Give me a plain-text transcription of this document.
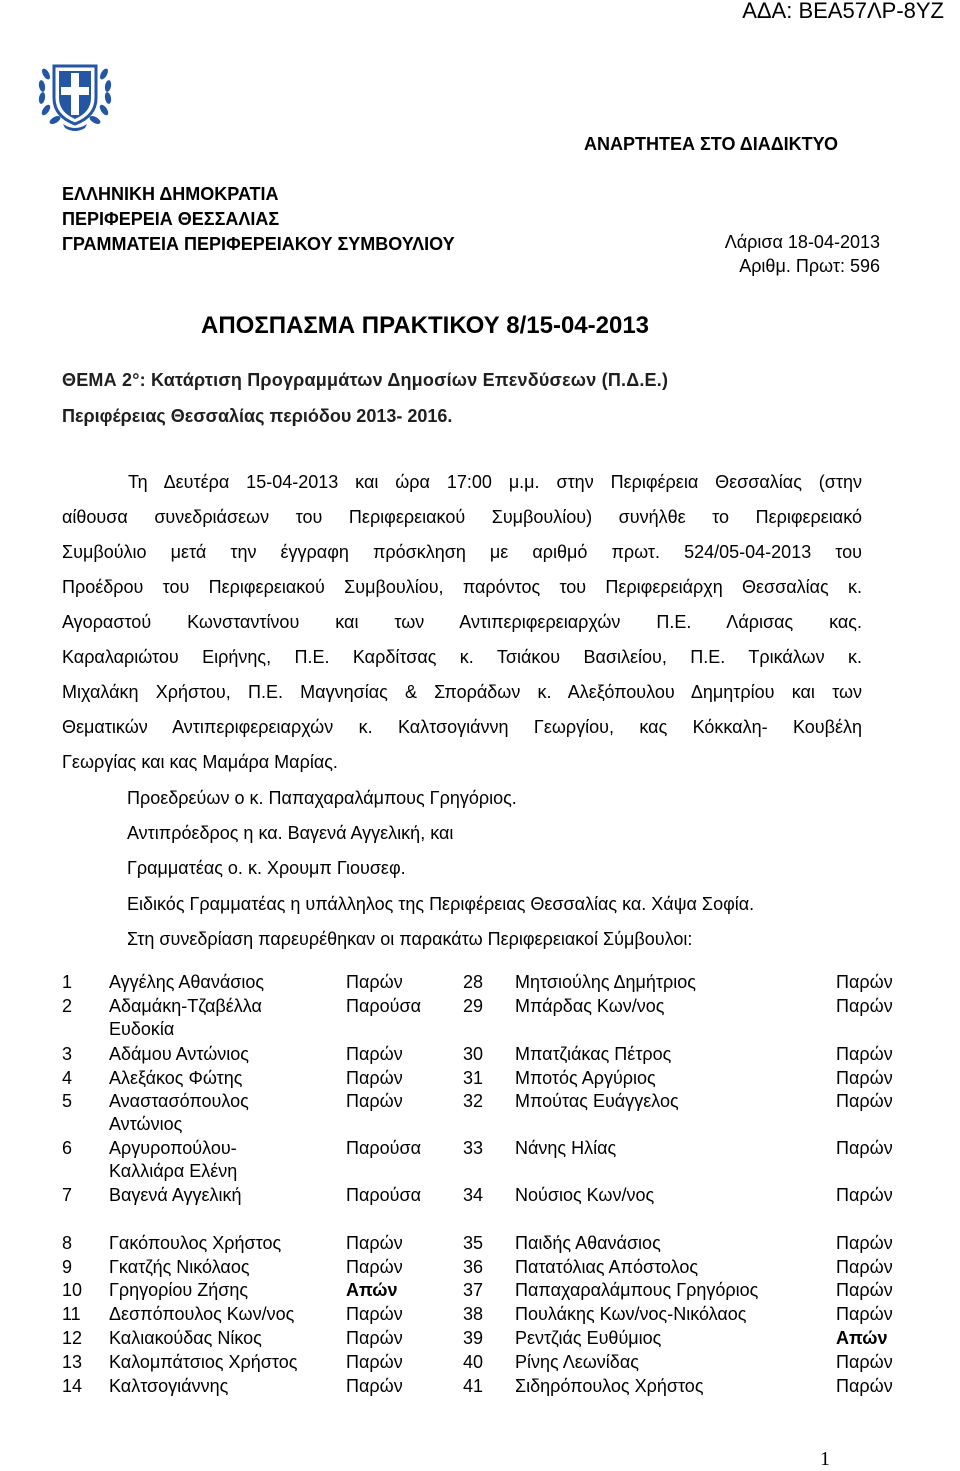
ΑΔΑ: ΒΕΑ57ΛΡ-8ΥΖ
ΑΝΑΡΤΗΤΕΑ ΣΤΟ ΔΙΑΔΙΚΤΥΟ
ΕΛΛΗΝΙΚΗ ΔΗΜΟΚΡΑΤΙΑ
ΠΕΡΙΦΕΡΕΙΑ ΘΕΣΣΑΛΙΑΣ
ΓΡΑΜΜΑΤΕΙΑ ΠΕΡΙΦΕΡΕΙΑΚΟΥ ΣΥΜΒΟΥΛΙΟΥ	Λάρισα 18-04-2013
Αριθμ. Πρωτ: 596
ΑΠΟΣΠΑΣΜΑ ΠΡΑΚΤΙΚΟΥ 8/15-04-2013
ΘΕΜΑ 2°: Κατάρτιση Προγραμμάτων Δημοσίων Επενδύσεων (Π.Δ.Ε.)
Περιφέρειας Θεσσαλίας περιόδου 2013- 2016.
Τη Δευτέρα 15-04-2013 και ώρα 17:00 μ.μ. στην Περιφέρεια Θεσσαλίας (στην
αίθουσα συνεδριάσεων του Περιφερειακού Συμβουλίου) συνήλθε το Περιφερειακό
Συμβούλιο μετά την έγγραφη πρόσκληση με αριθμό πρωτ. 524/05-04-2013 του
Προέδρου του Περιφερειακού Συμβουλίου, παρόντος του Περιφερειάρχη Θεσσαλίας κ.
Αγοραστού Κωνσταντίνου και των Αντιπεριφερειαρχών Π.Ε. Λάρισας κας.
Καραλαριώτου Ειρήνης, Π.Ε. Καρδίτσας κ. Τσιάκου Βασιλείου, Π.Ε. Τρικάλων κ.
Μιχαλάκη Χρήστου, Π.Ε. Μαγνησίας & Σποράδων κ. Αλεξόπουλου Δημητρίου και των
Θεματικών Αντιπεριφερειαρχών κ. Καλτσογιάννη Γεωργίου, κας Κόκκαλη- Κουβέλη
Γεωργίας και κας Μαμάρα Μαρίας.
Προεδρεύων ο κ. Παπαχαραλάμπους Γρηγόριος.
Αντιπρόεδρος η κα. Βαγενά Αγγελική, και
Γραμματέας ο. κ. Χρουμπ Γιουσεφ.
Ειδικός Γραμματέας η υπάλληλος της Περιφέρειας Θεσσαλίας κα. Χάψα Σοφία.
Στη συνεδρίαση παρευρέθηκαν οι παρακάτω Περιφερειακοί Σύμβουλοι:
1 Αγγέλης Αθανάσιος	Παρών	28 Μητσιούλης Δημήτριος	Παρών
2 Αδαμάκη-Τζαβέλλα	Παρούσα 29 Μπάρδας Κων/νος	Παρών
Ευδοκία
3 Αδάμου Αντώνιος	Παρών	30 Μπατζιάκας Πέτρος	Παρών
4 Αλεξάκος Φώτης	Παρών	31 Μποτός Αργύριος	Παρών
5 Αναστασόπουλος	Παρών	32 Μπούτας Ευάγγελος	Παρών
Αντώνιος
6 Αργυροπούλου-	Παρούσα 33 Νάνης Ηλίας	Παρών
Καλλιάρα Ελένη
7 Βαγενά Αγγελική	Παρούσα 34 Νούσιος Κων/νος	Παρών
8 Γακόπουλος Χρήστος	Παρών	35 Παιδής Αθανάσιος	Παρών
9 Γκατζής Νικόλαος	Παρών	36 Πατατόλιας Απόστολος	Παρών
10 Γρηγορίου Ζήσης	Απών	37 Παπαχαραλάμπους Γρηγόριος	Παρών
11 Δεσπόπουλος Κων/νος	Παρών	38 Πουλάκης Κων/νος-Νικόλαος	Παρών
12 Καλιακούδας Νίκος	Παρών	39 Ρεντζιάς Ευθύμιος	Απών
13 Καλομπάτσιος Χρήστος	Παρών	40 Ρίνης Λεωνίδας	Παρών
14 Καλτσογιάννης	Παρών	41 Σιδηρόπουλος Χρήστος	Παρών
1
